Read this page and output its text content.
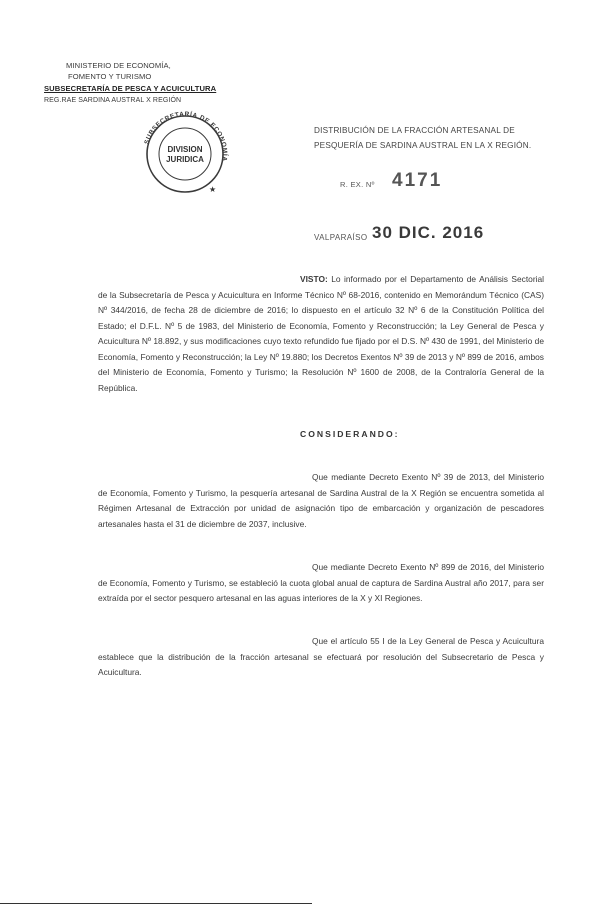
MINISTERIO DE ECONOMÍA,
FOMENTO Y TURISMO
SUBSECRETARÍA DE PESCA Y ACUICULTURA
REG.RAE SARDINA AUSTRAL X REGIÓN
SUBSECRETARÍA DE ECONOMÍA
DIVISION
JURIDICA
★
DISTRIBUCIÓN DE LA FRACCIÓN ARTESANAL DE PESQUERÍA DE SARDINA AUSTRAL EN LA X REGIÓN.
R. EX. Nº 4171
VALPARAÍSO 30 DIC. 2016
VISTO: Lo informado por el Departamento de Análisis Sectorial de la Subsecretaría de Pesca y Acuicultura en Informe Técnico Nº 68-2016, contenido en Memorándum Técnico (CAS) Nº 344/2016, de fecha 28 de diciembre de 2016; lo dispuesto en el artículo 32 Nº 6 de la Constitución Política del Estado; el D.F.L. Nº 5 de 1983, del Ministerio de Economía, Fomento y Reconstrucción; la Ley General de Pesca y Acuicultura Nº 18.892, y sus modificaciones cuyo texto refundido fue fijado por el D.S. Nº 430 de 1991, del Ministerio de Economía, Fomento y Reconstrucción; la Ley Nº 19.880; los Decretos Exentos Nº 39 de 2013 y Nº 899 de 2016, ambos del Ministerio de Economía, Fomento y Turismo; la Resolución Nº 1600 de 2008, de la Contraloría General de la República.
CONSIDERANDO:
Que mediante Decreto Exento Nº 39 de 2013, del Ministerio de Economía, Fomento y Turismo, la pesquería artesanal de Sardina Austral de la X Región se encuentra sometida al Régimen Artesanal de Extracción por unidad de asignación tipo de embarcación y organización de pescadores artesanales hasta el 31 de diciembre de 2037, inclusive.
Que mediante Decreto Exento Nº 899 de 2016, del Ministerio de Economía, Fomento y Turismo, se estableció la cuota global anual de captura de Sardina Austral año 2017, para ser extraída por el sector pesquero artesanal en las aguas interiores de la X y XI Regiones.
Que el artículo 55 I de la Ley General de Pesca y Acuicultura establece que la distribución de la fracción artesanal se efectuará por resolución del Subsecretario de Pesca y Acuicultura.
